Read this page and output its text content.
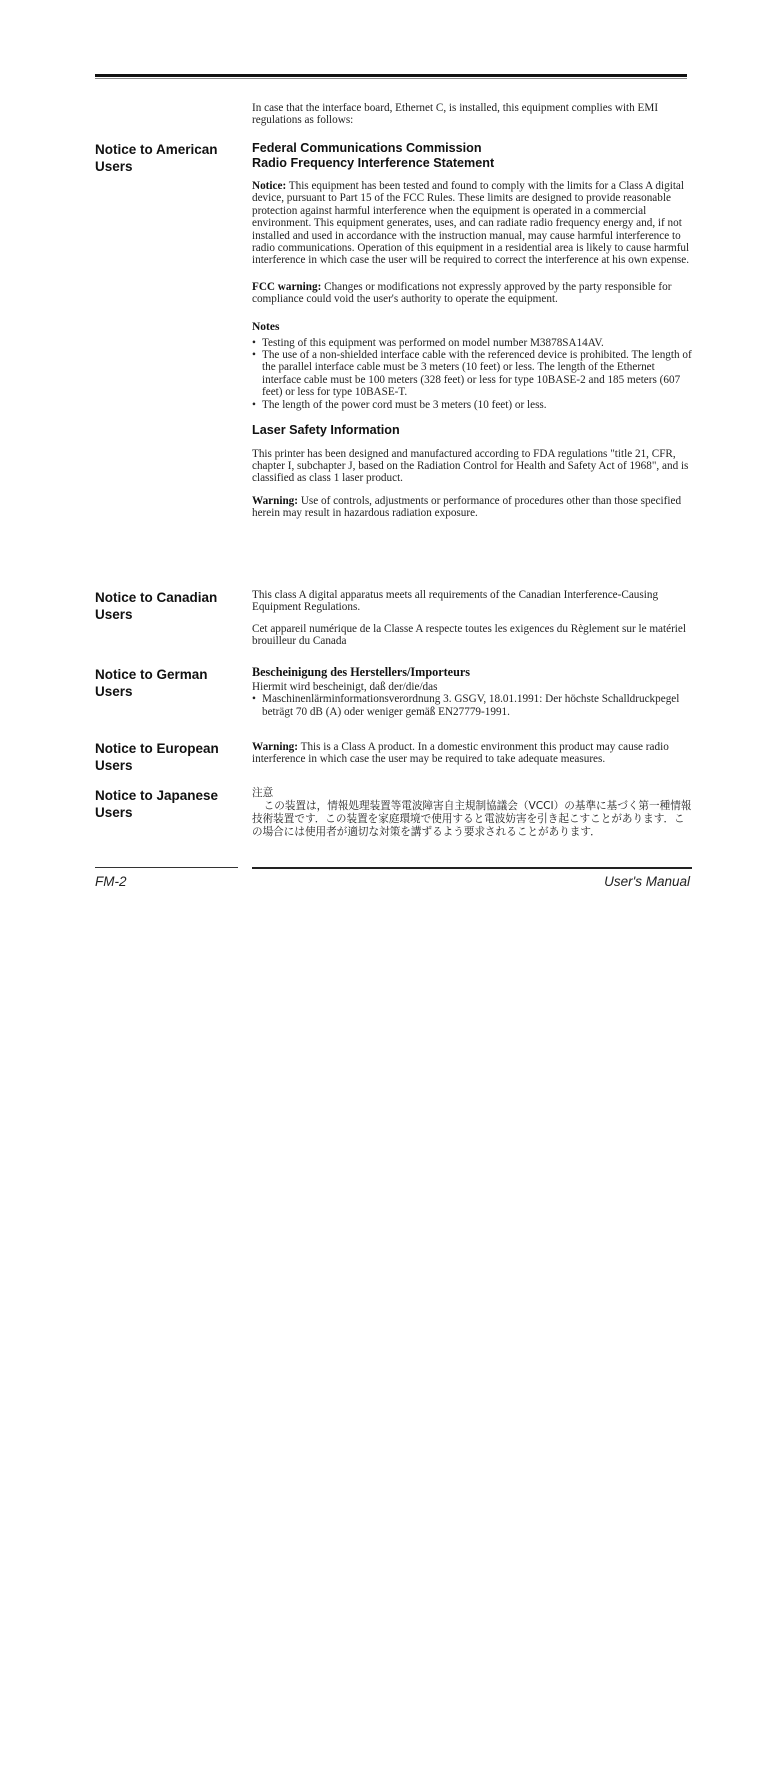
In case that the interface board, Ethernet C, is installed, this equipment complies with EMI regulations as follows:

Notice to American Users
Federal Communications Commission
Radio Frequency Interference Statement

Notice: This equipment has been tested and found to comply with the limits for a Class A digital device, pursuant to Part 15 of the FCC Rules. These limits are designed to provide reasonable protection against harmful interference when the equipment is operated in a commercial environment. This equipment generates, uses, and can radiate radio frequency energy and, if not installed and used in accordance with the instruction manual, may cause harmful interference to radio communications. Operation of this equipment in a residential area is likely to cause harmful interference in which case the user will be required to correct the interference at his own expense.

FCC warning: Changes or modifications not expressly approved by the party responsible for compliance could void the user's authority to operate the equipment.

Notes
• Testing of this equipment was performed on model number M3878SA14AV.
• The use of a non-shielded interface cable with the referenced device is prohibited. The length of the parallel interface cable must be 3 meters (10 feet) or less. The length of the Ethernet interface cable must be 100 meters (328 feet) or less for type 10BASE-2 and 185 meters (607 feet) or less for type 10BASE-T.
• The length of the power cord must be 3 meters (10 feet) or less.
Laser Safety Information

This printer has been designed and manufactured according to FDA regulations "title 21, CFR, chapter I, subchapter J, based on the Radiation Control for Health and Safety Act of 1968", and is classified as class 1 laser product.

Warning: Use of controls, adjustments or performance of procedures other than those specified herein may result in hazardous radiation exposure.

Notice to Canadian Users

This class A digital apparatus meets all requirements of the Canadian Interference-Causing Equipment Regulations.

Cet appareil numérique de la Classe A respecte toutes les exigences du Règlement sur le matériel brouilleur du Canada

Notice to German Users
Bescheinigung des Herstellers/Importeurs

Hiermit wird bescheinigt, daß der/die/das

• Maschinenlärminformationsverordnung 3. GSGV, 18.01.1991: Der höchste Schalldruckpegel beträgt 70 dB (A) oder weniger gemäß EN27779-1991.
Notice to European Users

Warning: This is a Class A product. In a domestic environment this product may cause radio interference in which case the user may be required to take adequate measures.

Notice to Japanese Users
注意

この装置は，情報処理装置等電波障害自主規制協議会（VCCI）の基準に基づく第一種情報技術装置です．この装置を家庭環境で使用すると電波妨害を引き起こすことがあります．この場合には使用者が適切な対策を講ずるよう要求されることがあります．

FM-2	User's Manual
